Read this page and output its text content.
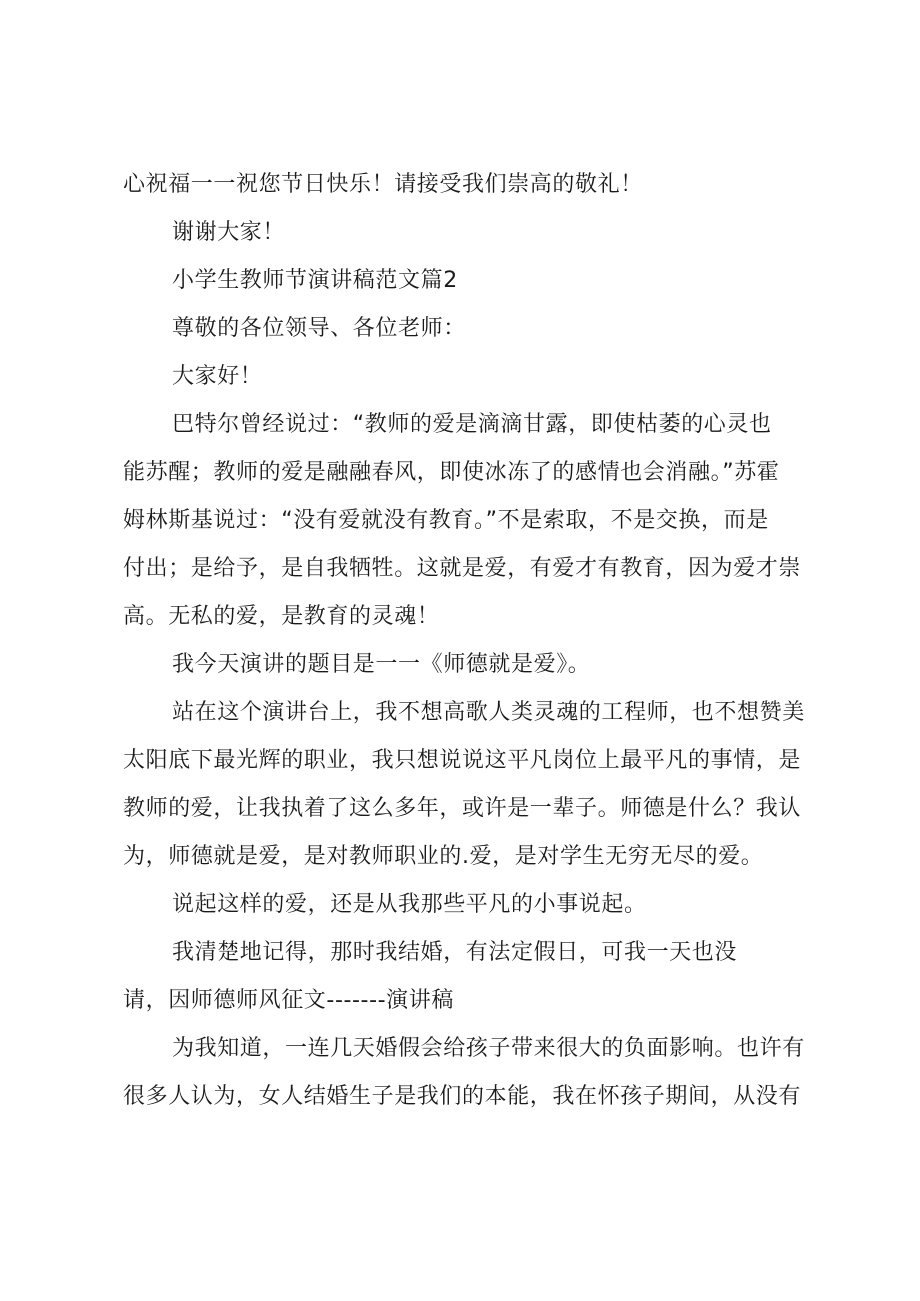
心祝福一一祝您节日快乐！请接受我们崇高的敬礼！
谢谢大家！
小学生教师节演讲稿范文篇2
尊敬的各位领导、各位老师：
大家好！
巴特尔曾经说过：“教师的爱是滴滴甘露，即使枯萎的心灵也
能苏醒；教师的爱是融融春风，即使冰冻了的感情也会消融。”苏霍
姆林斯基说过：“没有爱就没有教育。”不是索取，不是交换，而是
付出；是给予，是自我牺牲。这就是爱，有爱才有教育，因为爱才崇
高。无私的爱，是教育的灵魂！
我今天演讲的题目是一一《师德就是爱》。
站在这个演讲台上，我不想高歌人类灵魂的工程师，也不想赞美
太阳底下最光辉的职业，我只想说说这平凡岗位上最平凡的事情，是
教师的爱，让我执着了这么多年，或许是一辈子。师德是什么？我认
为，师德就是爱，是对教师职业的.爱，是对学生无穷无尽的爱。
说起这样的爱，还是从我那些平凡的小事说起。
我清楚地记得，那时我结婚，有法定假日，可我一天也没
请，因师德师风征文-------演讲稿
为我知道，一连几天婚假会给孩子带来很大的负面影响。也许有
很多人认为，女人结婚生子是我们的本能，我在怀孩子期间，从没有
